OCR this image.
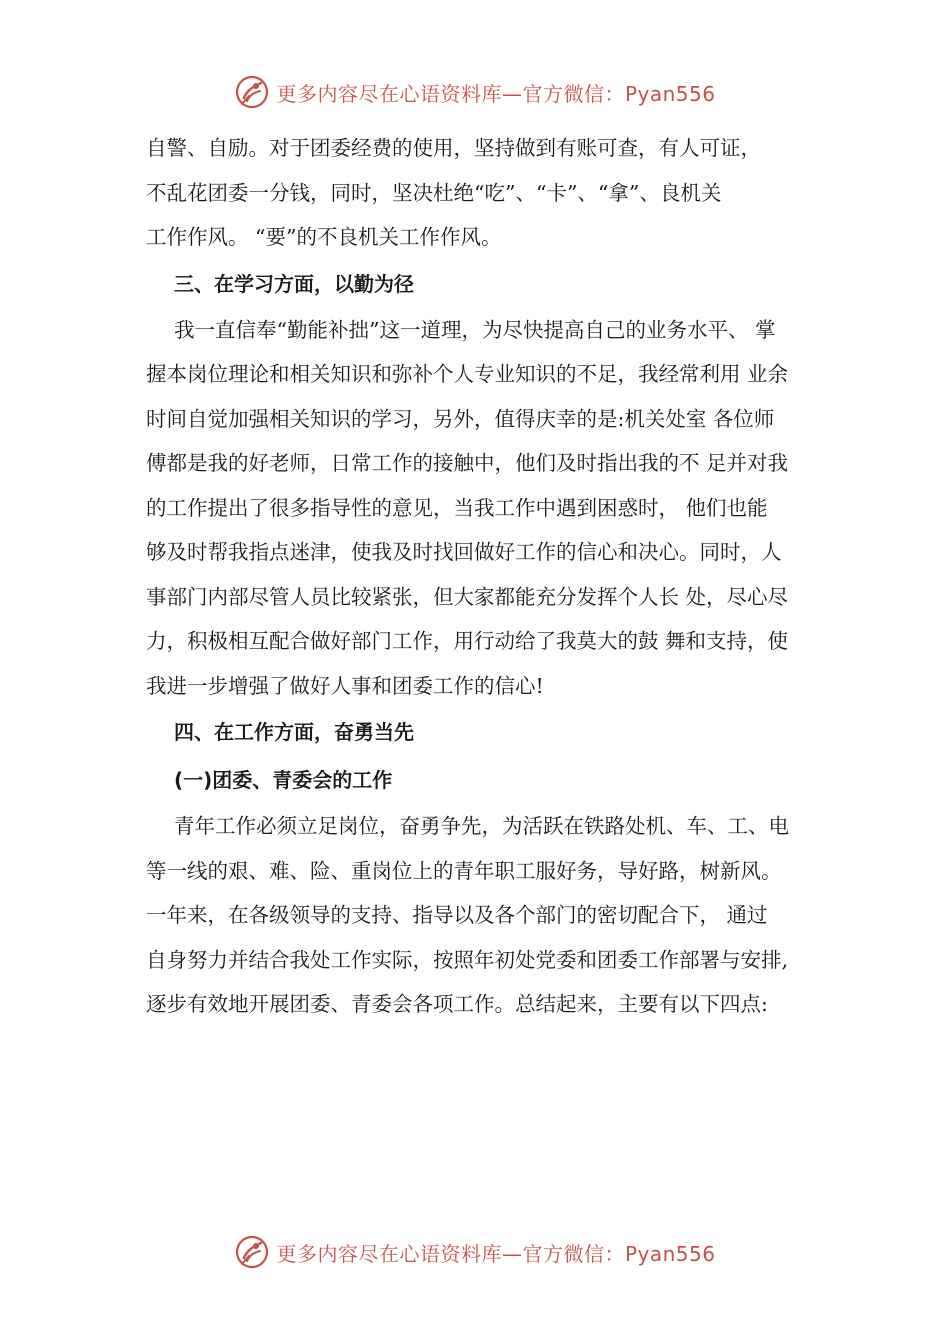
更多内容尽在心语资料库—官方微信：Pyan556
自警、自励。对于团委经费的使用，坚持做到有账可查，有人可证，
不乱花团委一分钱，同时，坚决杜绝“吃”、“卡”、“拿”、良机关
工作作风。 “要”的不良机关工作作风。
三、在学习方面，以勤为径
我一直信奉“勤能补拙”这一道理，为尽快提高自己的业务水平、 掌
握本岗位理论和相关知识和弥补个人专业知识的不足，我经常利用 业余
时间自觉加强相关知识的学习，另外，值得庆幸的是:机关处室 各位师
傅都是我的好老师，日常工作的接触中，他们及时指出我的不 足并对我
的工作提出了很多指导性的意见，当我工作中遇到困惑时， 他们也能
够及时帮我指点迷津，使我及时找回做好工作的信心和决心。同时，人
事部门内部尽管人员比较紧张，但大家都能充分发挥个人长 处，尽心尽
力，积极相互配合做好部门工作，用行动给了我莫大的鼓 舞和支持，使
我进一步增强了做好人事和团委工作的信心!
四、在工作方面，奋勇当先
(一)团委、青委会的工作
青年工作必须立足岗位，奋勇争先，为活跃在铁路处机、车、工、电
等一线的艰、难、险、重岗位上的青年职工服好务，导好路，树新风。
一年来，在各级领导的支持、指导以及各个部门的密切配合下， 通过
自身努力并结合我处工作实际，按照年初处党委和团委工作部署与安排,
逐步有效地开展团委、青委会各项工作。总结起来，主要有以下四点:
更多内容尽在心语资料库—官方微信：Pyan556
